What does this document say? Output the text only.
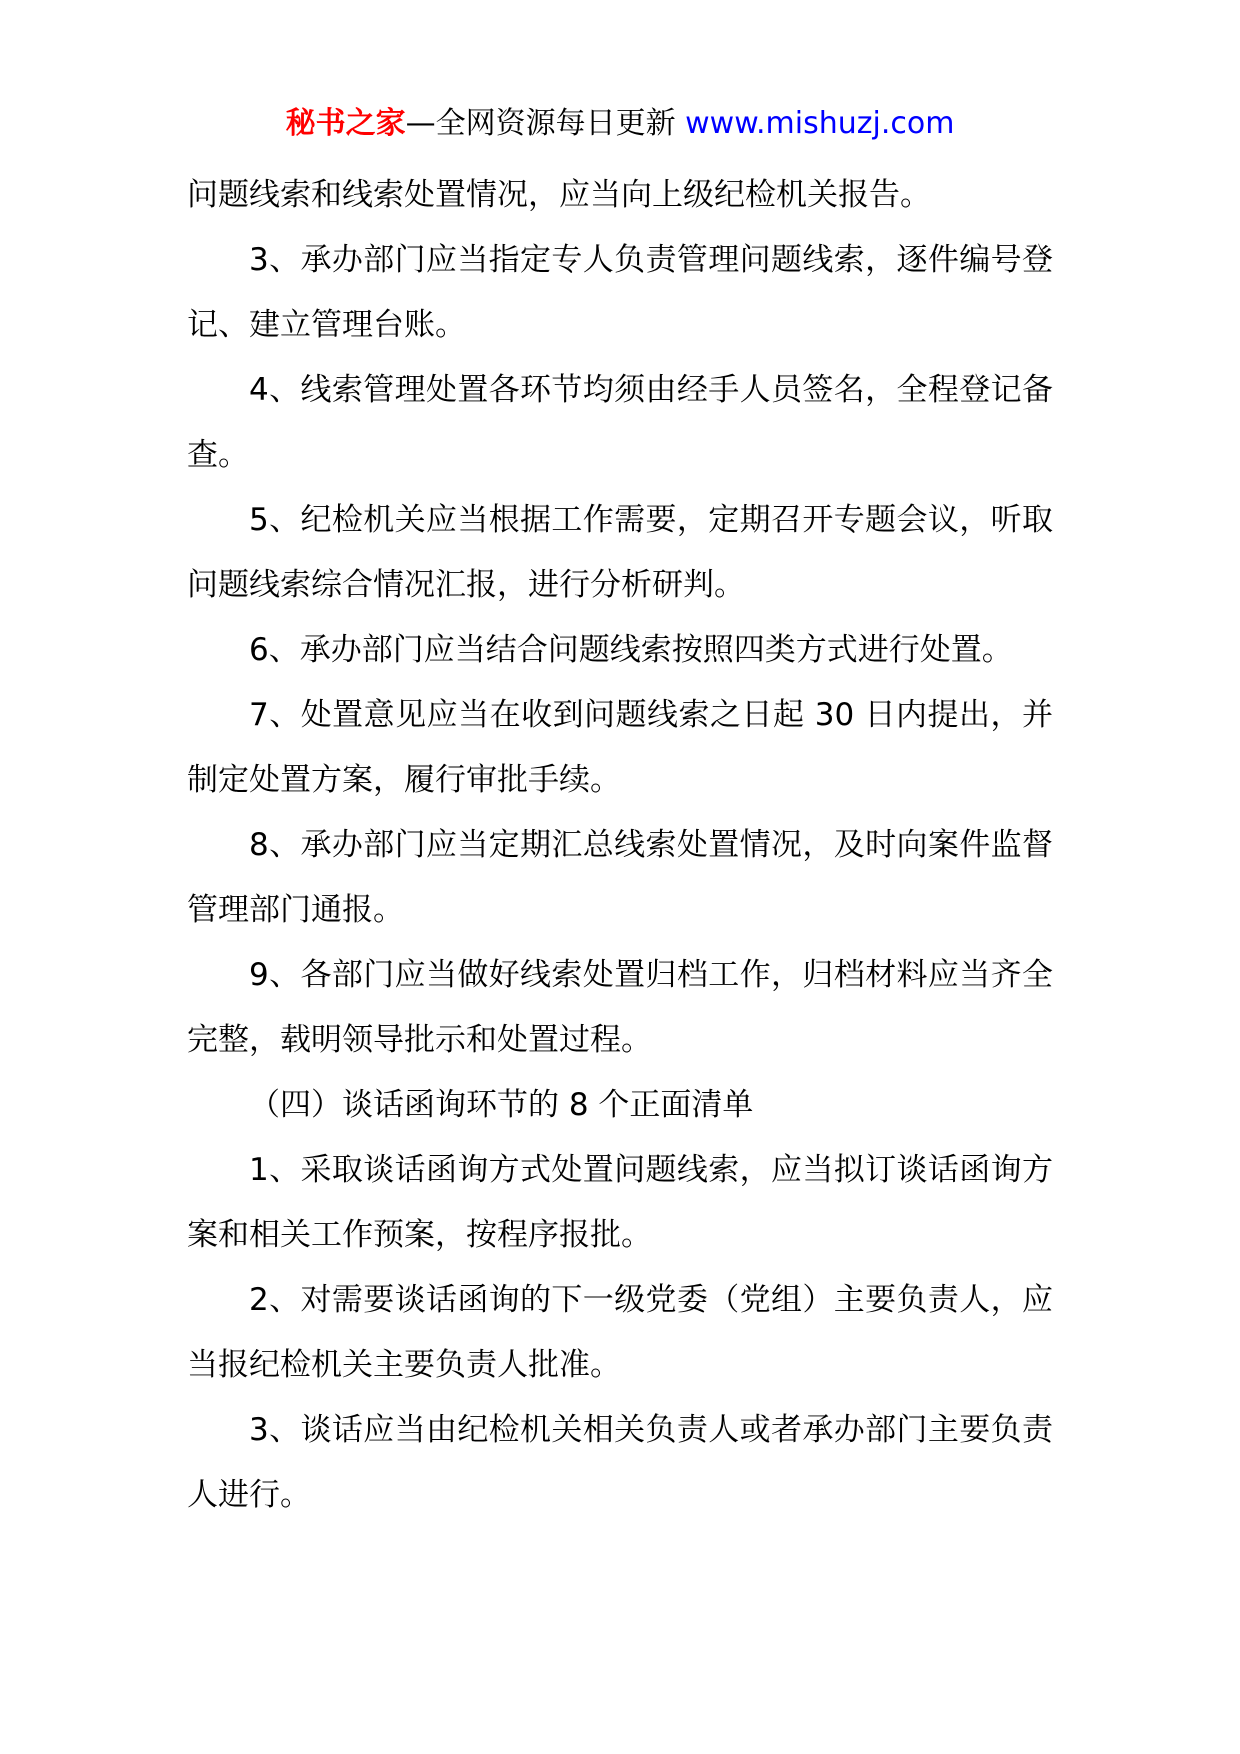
秘书之家—全网资源每日更新 www.mishuzj.com

问题线索和线索处置情况，应当向上级纪检机关报告。

3、承办部门应当指定专人负责管理问题线索，逐件编号登记、建立管理台账。

4、线索管理处置各环节均须由经手人员签名，全程登记备查。

5、纪检机关应当根据工作需要，定期召开专题会议，听取问题线索综合情况汇报，进行分析研判。

6、承办部门应当结合问题线索按照四类方式进行处置。

7、处置意见应当在收到问题线索之日起 30 日内提出，并制定处置方案，履行审批手续。

8、承办部门应当定期汇总线索处置情况，及时向案件监督管理部门通报。

9、各部门应当做好线索处置归档工作，归档材料应当齐全完整，载明领导批示和处置过程。

（四）谈话函询环节的 8 个正面清单

1、采取谈话函询方式处置问题线索，应当拟订谈话函询方案和相关工作预案，按程序报批。

2、对需要谈话函询的下一级党委（党组）主要负责人，应当报纪检机关主要负责人批准。

3、谈话应当由纪检机关相关负责人或者承办部门主要负责人进行。
